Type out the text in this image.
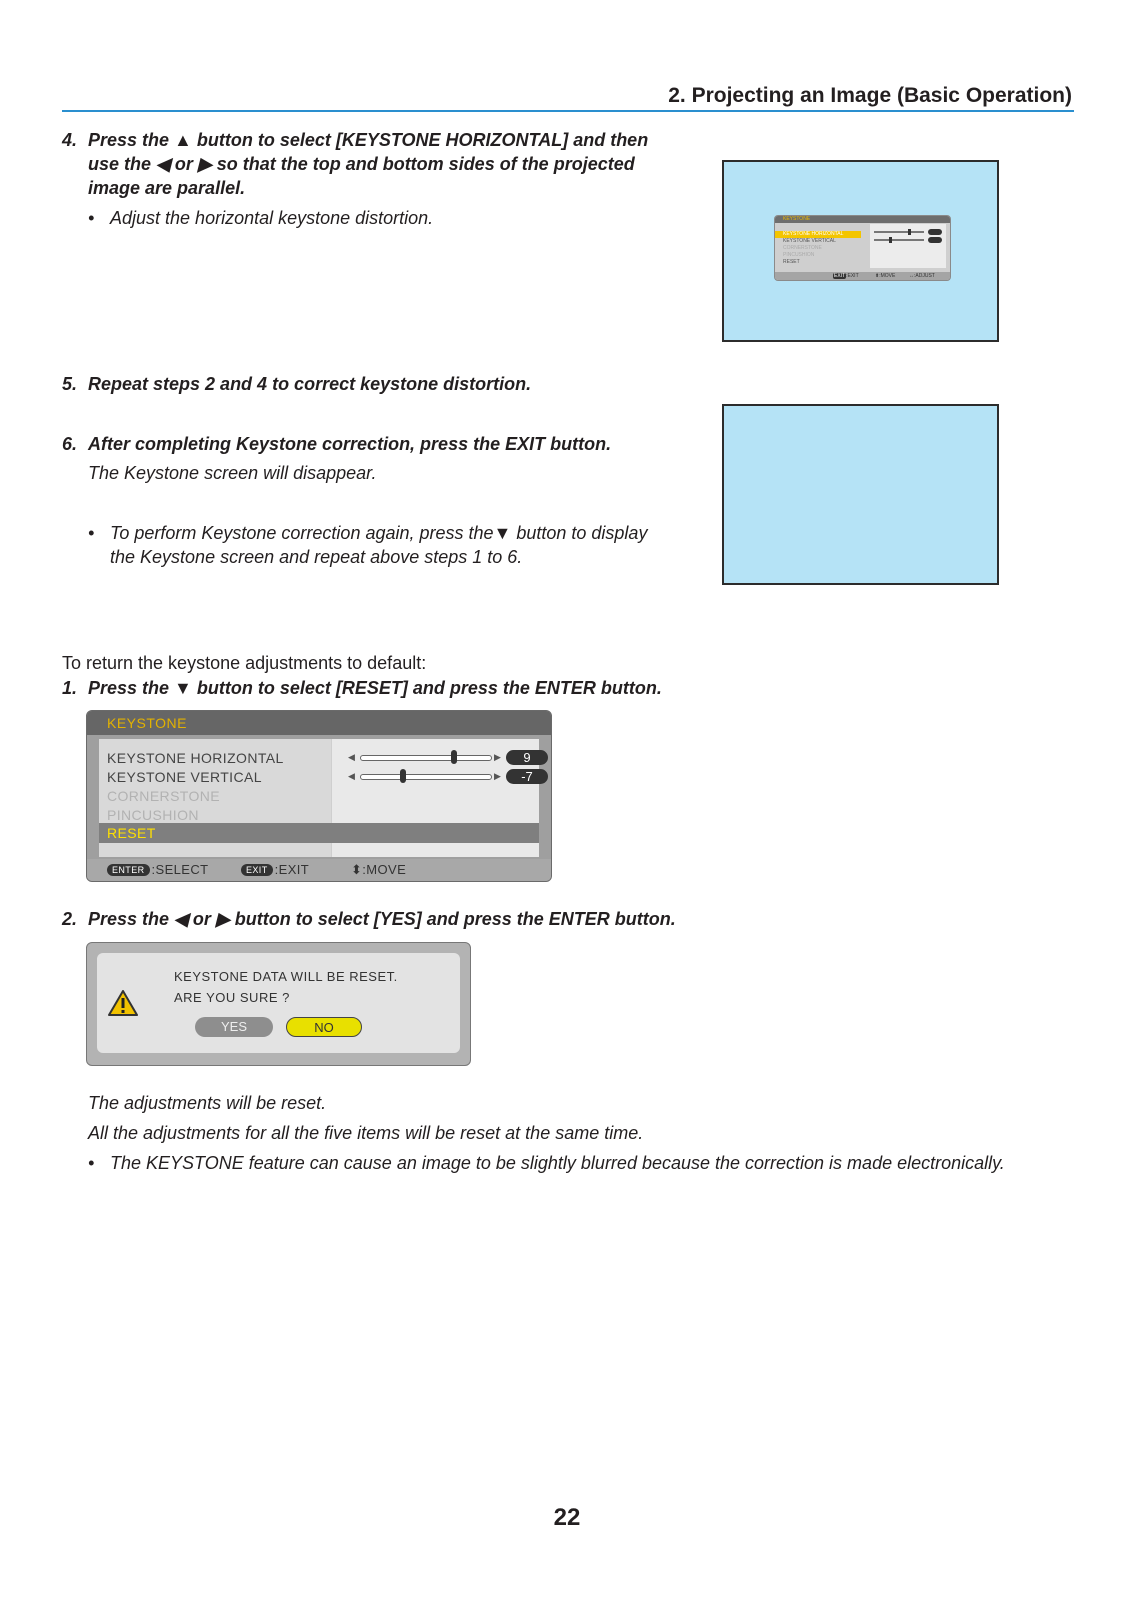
2. Projecting an Image (Basic Operation)
4. Press the ▲ button to select [KEYSTONE HORIZONTAL] and then
use the ◀ or ▶ so that the top and bottom sides of the projected
image are parallel.
• Adjust the horizontal keystone distortion.	KEYSTONE
KEYSTONE HORIZONTAL
KEYSTONE VERTICAL
CORNERSTONE
PINCUSHION
RESET
EXIT:EXIT	⬍:MOVE	↔:ADJUST
5. Repeat steps 2 and 4 to correct keystone distortion.
6. After completing Keystone correction, press the EXIT button.
The Keystone screen will disappear.
• To perform Keystone correction again, press the▼ button to display
the Keystone screen and repeat above steps 1 to 6.
To return the keystone adjustments to default:
1. Press the ▼ button to select [RESET] and press the ENTER button.
KEYSTONE
◀	▶	9
◀	▶	-7
KEYSTONE HORIZONTAL
KEYSTONE VERTICAL
CORNERSTONE
PINCUSHION
RESET
ENTER :SELECT	EXIT :EXIT	⬍:MOVE
2. Press the ◀ or ▶ button to select [YES] and press the ENTER button.
KEYSTONE DATA WILL BE RESET.
ARE YOU SURE ?
YES	NO
The adjustments will be reset.
All the adjustments for all the five items will be reset at the same time.
• The KEYSTONE feature can cause an image to be slightly blurred because the correction is made electronically.
22
